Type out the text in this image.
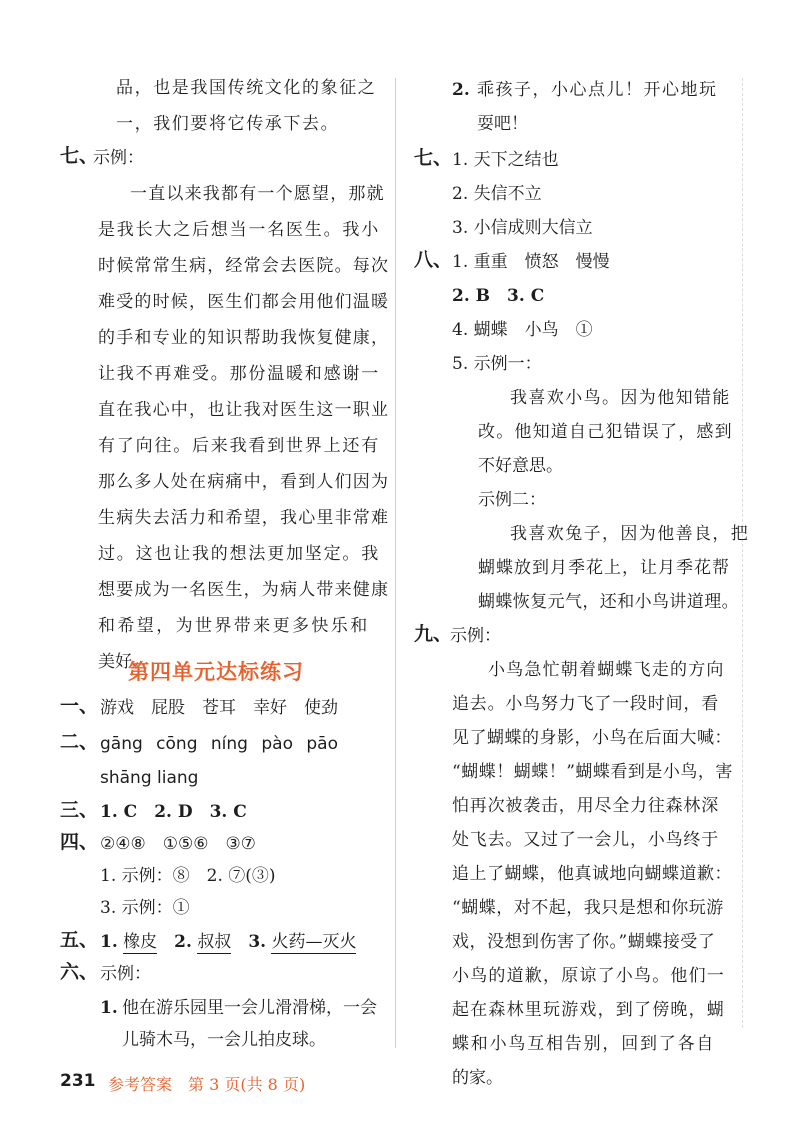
品，也是我国传统文化的象征之
一，我们要将它传承下去。
七、
示例：
一直以来我都有一个愿望，那就
是我长大之后想当一名医生。我小
时候常常生病，经常会去医院。每次
难受的时候，医生们都会用他们温暖
的手和专业的知识帮助我恢复健康，
让我不再难受。那份温暖和感谢一
直在我心中，也让我对医生这一职业
有了向往。后来我看到世界上还有
那么多人处在病痛中，看到人们因为
生病失去活力和希望，我心里非常难
过。这也让我的想法更加坚定。我
想要成为一名医生，为病人带来健康
和希望，为世界带来更多快乐和
美好。
第四单元达标练习
一、 游戏　屁股　苍耳　幸好　使劲
二、 gāng cōng níng pào pāo
shāng liang
三、 1. C　2. D　3. C
四、 ②④⑧　①⑤⑥　③⑦
1. 示例：⑧　2. ⑦(③)
3. 示例：①
五、 1. 橡皮　 2. 叔叔　 3. 火药—灭火
六、 示例：
1. 他在游乐园里一会儿滑滑梯，一会
儿骑木马，一会儿拍皮球。
2. 乖孩子，小心点儿！开心地玩
耍吧！
七、 1. 天下之结也
2. 失信不立
3. 小信成则大信立
八、 1. 重重　愤怒　慢慢
2. B　3. C
4. 蝴蝶　小鸟　①
5. 示例一：
我喜欢小鸟。因为他知错能
改。他知道自己犯错误了，感到
不好意思。
示例二：
我喜欢兔子，因为他善良，把
蝴蝶放到月季花上，让月季花帮
蝴蝶恢复元气，还和小鸟讲道理。
九、
示例：
小鸟急忙朝着蝴蝶飞走的方向
追去。小鸟努力飞了一段时间，看
见了蝴蝶的身影，小鸟在后面大喊：
“蝴蝶！蝴蝶！”蝴蝶看到是小鸟，害
怕再次被袭击，用尽全力往森林深
处飞去。又过了一会儿，小鸟终于
追上了蝴蝶，他真诚地向蝴蝶道歉：
“蝴蝶，对不起，我只是想和你玩游
戏，没想到伤害了你。”蝴蝶接受了
小鸟的道歉，原谅了小鸟。他们一
起在森林里玩游戏，到了傍晚，蝴
蝶和小鸟互相告别，回到了各自
的家。
231 参考答案　第 3 页(共 8 页)
